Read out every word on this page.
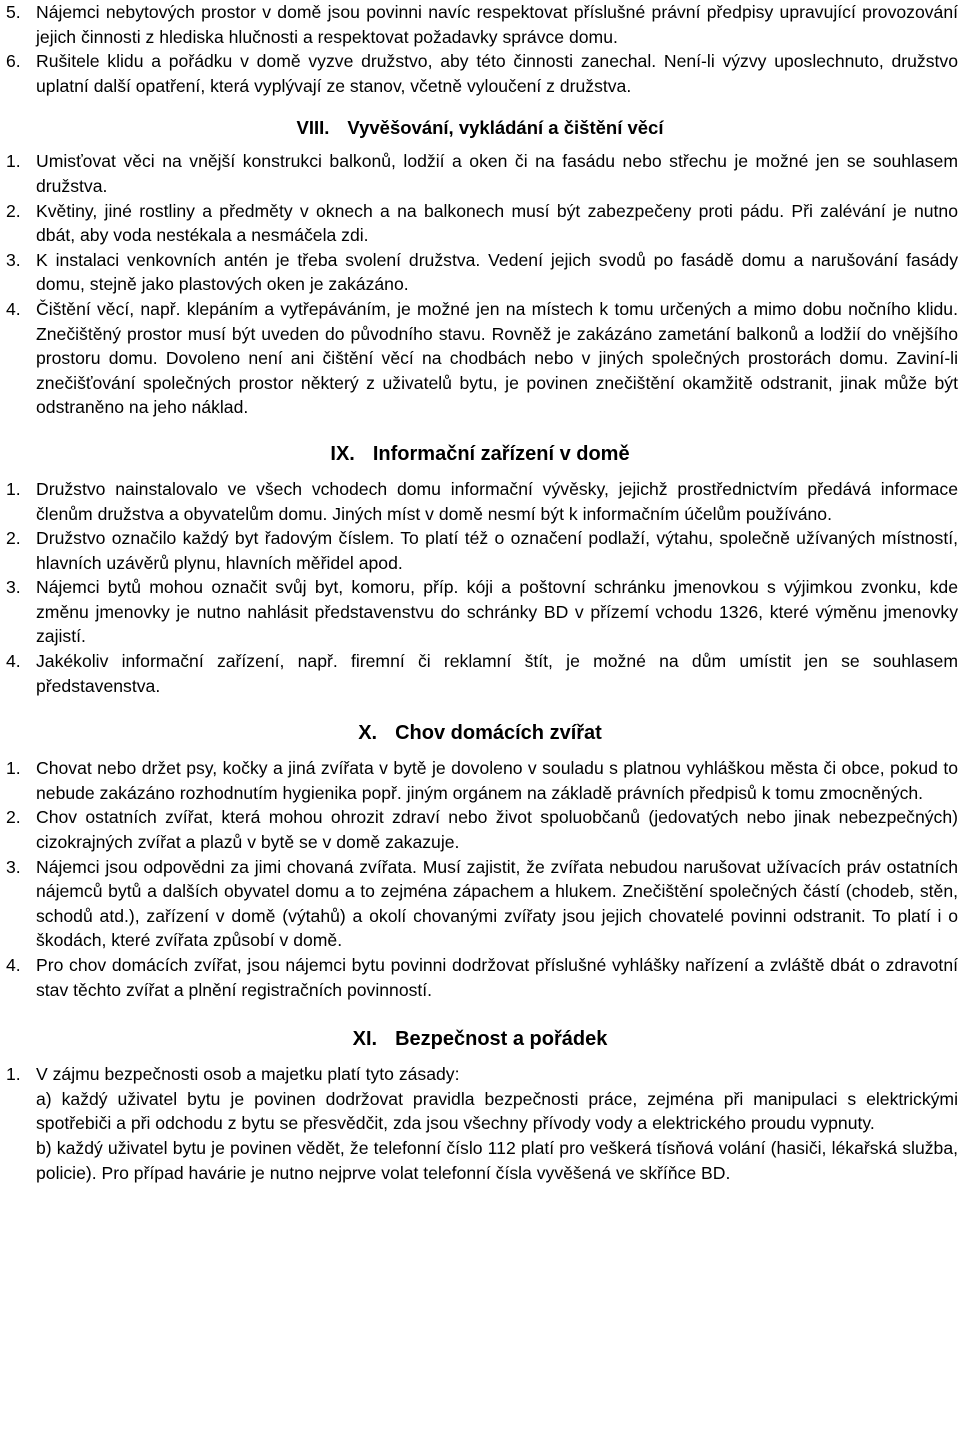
5. Nájemci nebytových prostor v domě jsou povinni navíc respektovat příslušné právní předpisy upravující provozování jejich činnosti z hlediska hlučnosti a respektovat požadavky správce domu.
6. Rušitele klidu a pořádku v domě vyzve družstvo, aby této činnosti zanechal. Není-li výzvy uposlechnuto, družstvo uplatní další opatření, která vyplývají ze stanov, včetně vyloučení z družstva.
VIII. Vyvěšování, vykládání a čištění věcí
1. Umisťovat věci na vnější konstrukci balkonů, lodžií a oken či na fasádu nebo střechu je možné jen se souhlasem družstva.
2. Květiny, jiné rostliny a předměty v oknech a na balkonech musí být zabezpečeny proti pádu. Při zalévání je nutno dbát, aby voda nestékala a nesmáčela zdi.
3. K instalaci venkovních antén je třeba svolení družstva. Vedení jejich svodů po fasádě domu a narušování fasády domu, stejně jako plastových oken je zakázáno.
4. Čištění věcí, např. klepáním a vytřepáváním, je možné jen na místech k tomu určených a mimo dobu nočního klidu. Znečištěný prostor musí být uveden do původního stavu. Rovněž je zakázáno zametání balkonů a lodžií do vnějšího prostoru domu. Dovoleno není ani čištění věcí na chodbách nebo v jiných společných prostorách domu. Zaviní-li znečišťování společných prostor některý z uživatelů bytu, je povinen znečištění okamžitě odstranit, jinak může být odstraněno na jeho náklad.
IX. Informační zařízení v domě
1. Družstvo nainstalovalo ve všech vchodech domu informační vývěsky, jejichž prostřednictvím předává informace členům družstva a obyvatelům domu. Jiných míst v domě nesmí být k informačním účelům používáno.
2. Družstvo označilo každý byt řadovým číslem. To platí též o označení podlaží, výtahu, společně užívaných místností, hlavních uzávěrů plynu, hlavních měřidel apod.
3. Nájemci bytů mohou označit svůj byt, komoru, příp. kóji a poštovní schránku jmenovkou s výjimkou zvonku, kde změnu jmenovky je nutno nahlásit představenstvu do schránky BD v přízemí vchodu 1326, které výměnu jmenovky zajistí.
4. Jakékoliv informační zařízení, např. firemní či reklamní štít, je možné na dům umístit jen se souhlasem představenstva.
X. Chov domácích zvířat
1. Chovat nebo držet psy, kočky a jiná zvířata v bytě je dovoleno v souladu s platnou vyhláškou města či obce, pokud to nebude zakázáno rozhodnutím hygienika popř. jiným orgánem na základě právních předpisů k tomu zmocněných.
2. Chov ostatních zvířat, která mohou ohrozit zdraví nebo život spoluobčanů (jedovatých nebo jinak nebezpečných) cizokrajných zvířat a plazů v bytě se v domě zakazuje.
3. Nájemci jsou odpovědni za jimi chovaná zvířata. Musí zajistit, že zvířata nebudou narušovat užívacích práv ostatních nájemců bytů a dalších obyvatel domu a to zejména zápachem a hlukem. Znečištění společných částí (chodeb, stěn, schodů atd.), zařízení v domě (výtahů) a okolí chovanými zvířaty jsou jejich chovatelé povinni odstranit. To platí i o škodách, které zvířata způsobí v domě.
4. Pro chov domácích zvířat, jsou nájemci bytu povinni dodržovat příslušné vyhlášky nařízení a zvláště dbát o zdravotní stav těchto zvířat a plnění registračních povinností.
XI. Bezpečnost a pořádek
1. V zájmu bezpečnosti osob a majetku platí tyto zásady:
a) každý uživatel bytu je povinen dodržovat pravidla bezpečnosti práce, zejména při manipulaci s elektrickými spotřebiči a při odchodu z bytu se přesvědčit, zda jsou všechny přívody vody a elektrického proudu vypnuty.
b) každý uživatel bytu je povinen vědět, že telefonní číslo 112 platí pro veškerá tísňová volání (hasiči, lékařská služba, policie). Pro případ havárie je nutno nejprve volat telefonní čísla vyvěšená ve skříňce BD.
